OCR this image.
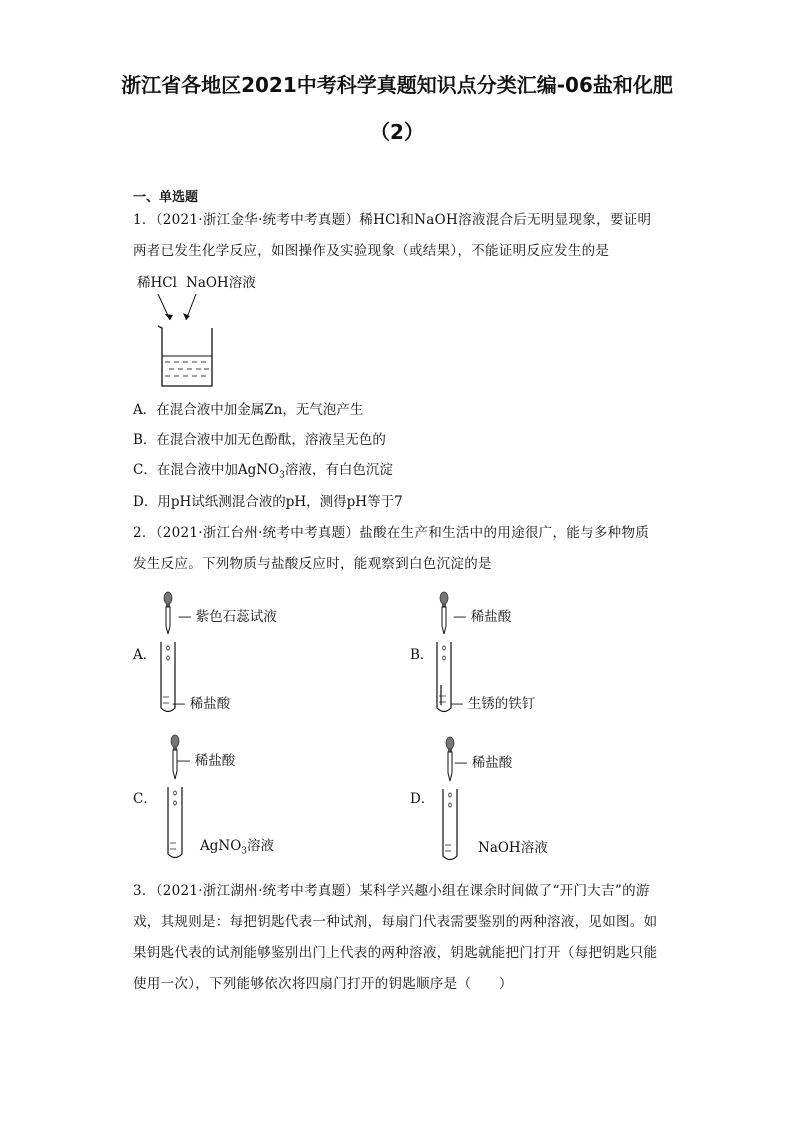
浙江省各地区2021中考科学真题知识点分类汇编-06盐和化肥（2）
一、单选题
1．（2021·浙江金华·统考中考真题）稀HCl和NaOH溶液混合后无明显现象，要证明两者已发生化学反应，如图操作及实验现象（或结果），不能证明反应发生的是
稀HCl NaOH溶液
A．在混合液中加金属Zn，无气泡产生
B．在混合液中加无色酚酞，溶液呈无色的
C．在混合液中加AgNO$_3$溶液，有白色沉淀
D．用pH试纸测混合液的pH，测得pH等于7
2．（2021·浙江台州·统考中考真题）盐酸在生产和生活中的用途很广，能与多种物质发生反应。下列物质与盐酸反应时，能观察到白色沉淀的是
— 紫色石蕊试液
A．
— 稀盐酸
— 稀盐酸
B．
— 生锈的铁钉
— 稀盐酸
C．
AgNO$_3$溶液
— 稀盐酸
D．
NaOH溶液
3．（2021·浙江湖州·统考中考真题）某科学兴趣小组在课余时间做了“开门大吉”的游戏，其规则是：每把钥匙代表一种试剂，每扇门代表需要鉴别的两种溶液，见如图。如果钥匙代表的试剂能够鉴别出门上代表的两种溶液，钥匙就能把门打开（每把钥匙只能使用一次），下列能够依次将四扇门打开的钥匙顺序是（　　）
